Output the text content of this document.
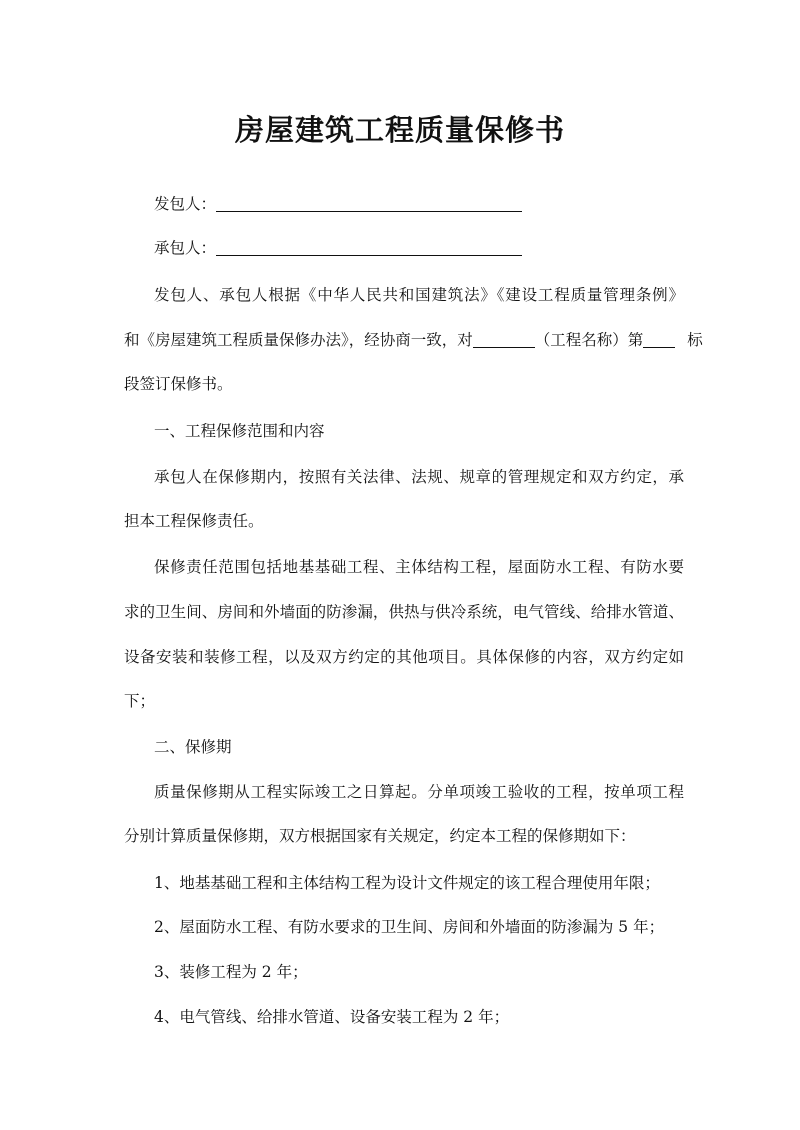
房屋建筑工程质量保修书
发包人：
承包人：
发包人、承包人根据《中华人民共和国建筑法》《建设工程质量管理条例》
和《房屋建筑工程质量保修办法》，经协商一致，对	（工程名称）第	标
段签订保修书。
一、工程保修范围和内容
承包人在保修期内，按照有关法律、法规、规章的管理规定和双方约定，承
担本工程保修责任。
保修责任范围包括地基基础工程、主体结构工程，屋面防水工程、有防水要
求的卫生间、房间和外墙面的防渗漏，供热与供冷系统，电气管线、给排水管道、
设备安装和装修工程，以及双方约定的其他项目。具体保修的内容，双方约定如
下；
二、保修期
质量保修期从工程实际竣工之日算起。分单项竣工验收的工程，按单项工程
分别计算质量保修期，双方根据国家有关规定，约定本工程的保修期如下：
1、地基基础工程和主体结构工程为设计文件规定的该工程合理使用年限；
2、屋面防水工程、有防水要求的卫生间、房间和外墙面的防渗漏为 5 年；
3、装修工程为 2 年；
4、电气管线、给排水管道、设备安装工程为 2 年；
